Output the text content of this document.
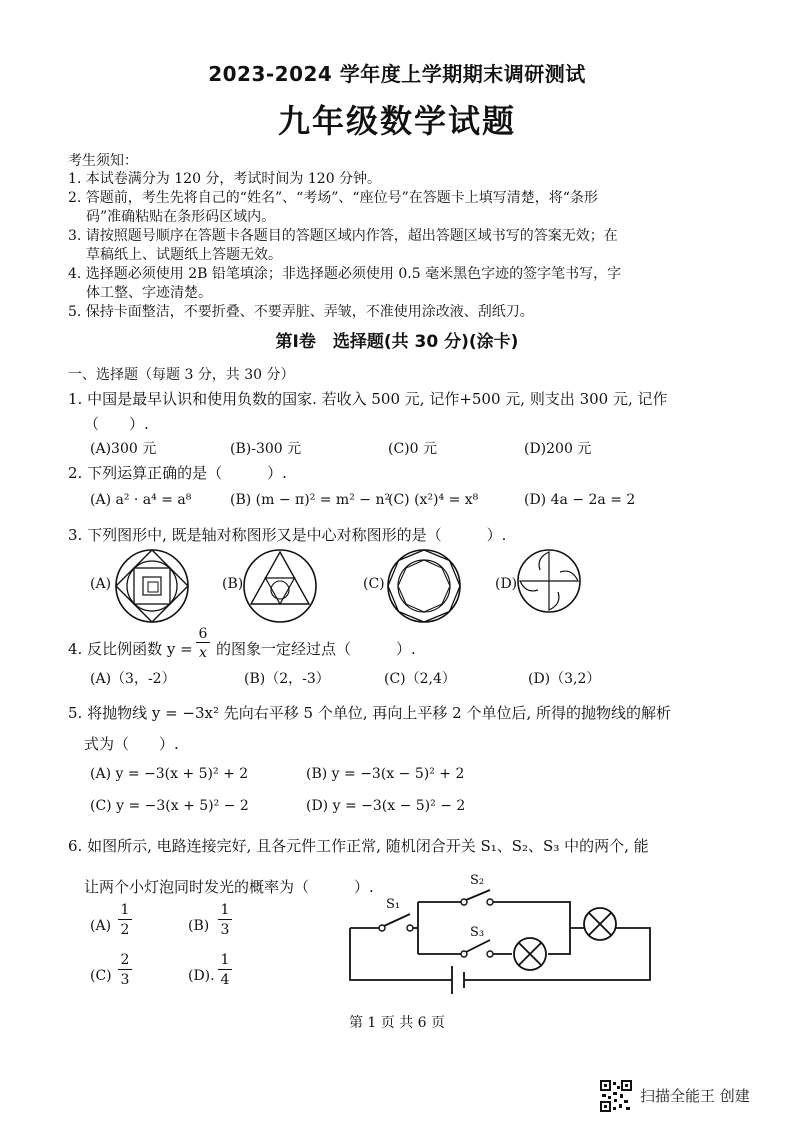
2023-2024 学年度上学期期末调研测试
九年级数学试题
考生须知：
1. 本试卷满分为 120 分，考试时间为 120 分钟。
2. 答题前，考生先将自己的“姓名”、“考场”、“座位号”在答题卡上填写清楚，将“条形
码”准确粘贴在条形码区域内。
3. 请按照题号顺序在答题卡各题目的答题区域内作答，超出答题区域书写的答案无效；在
草稿纸上、试题纸上答题无效。
4. 选择题必须使用 2B 铅笔填涂；非选择题必须使用 0.5 毫米黑色字迹的签字笔书写，字
体工整、字迹清楚。
5. 保持卡面整洁，不要折叠、不要弄脏、弄皱，不准使用涂改液、刮纸刀。
第Ⅰ卷　选择题(共 30 分)(涂卡)
一、选择题（每题 3 分，共 30 分）
1. 中国是最早认识和使用负数的国家. 若收入 500 元, 记作+500 元, 则支出 300 元, 记作
（　　）.
(A)300 元	(B)-300 元	(C)0 元	(D)200 元
2. 下列运算正确的是（　　　）.
(A) a² · a⁴ = a⁸	(B) (m − π)² = m² − n²
(C) (x²)⁴ = x⁸	(D) 4a − 2a = 2
3. 下列图形中, 既是轴对称图形又是中心对称图形的是（　　　）.
(A)	(B)	(C)	(D)
4. 反比例函数 y =
6
x 的图象一定经过点（　　　）.
(A)（3，-2）	(B)（2，-3）	(C)（2,4）	(D)（3,2）
5. 将抛物线 y = −3x² 先向右平移 5 个单位, 再向上平移 2 个单位后, 所得的抛物线的解析
式为（　　）.
(A) y = −3(x + 5)² + 2	(B) y = −3(x − 5)² + 2
(C) y = −3(x + 5)² − 2	(D) y = −3(x − 5)² − 2
6. 如图所示, 电路连接完好, 且各元件工作正常, 随机闭合开关 S₁、S₂、S₃ 中的两个, 能
让两个小灯泡同时发光的概率为（　　　）.
(A)
1
2	(B)
1
3
(C)
2
3	(D).
1
4
S₁
S₂
S₃
第 1 页 共 6 页
扫描全能王 创建
